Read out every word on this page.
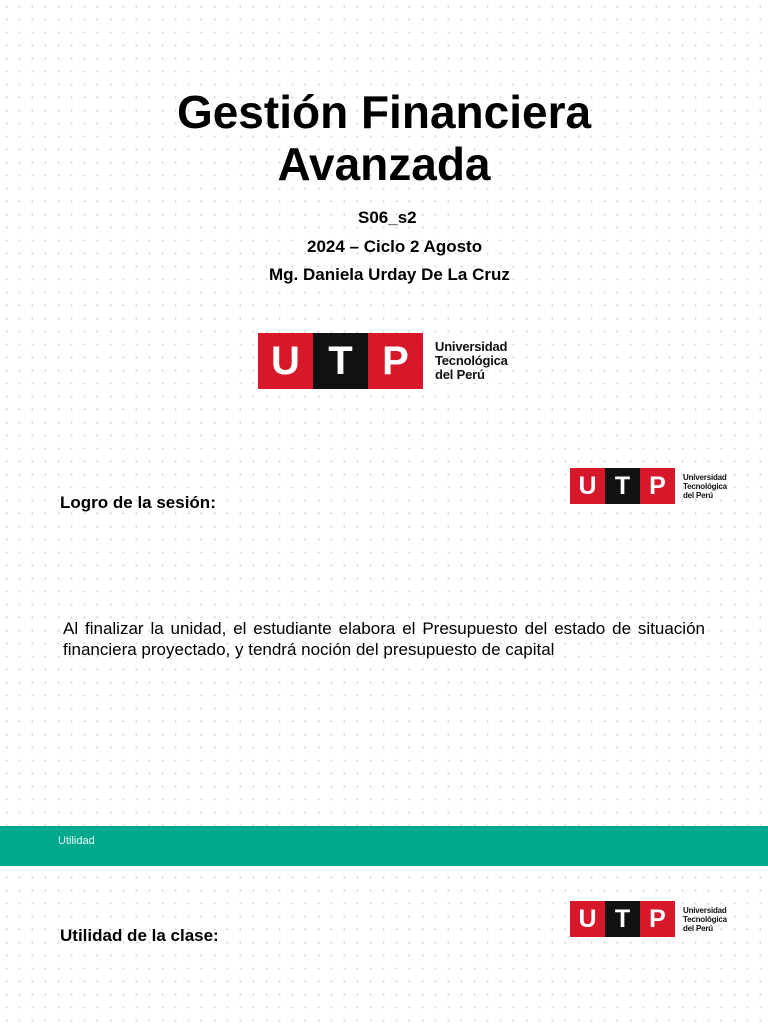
Gestión Financiera
Avanzada
S06_s2
2024 – Ciclo 2 Agosto
Mg. Daniela Urday De La Cruz
U T P	Universidad
Tecnológica
del Perú
U T P	Universidad
Tecnológica
del Perú
Logro de la sesión:
Al finalizar la unidad, el estudiante elabora el Presupuesto del estado de situación financiera proyectado, y tendrá noción del presupuesto de capital
Utilidad
U T P	Universidad
Tecnológica
del Perú
Utilidad de la clase:
